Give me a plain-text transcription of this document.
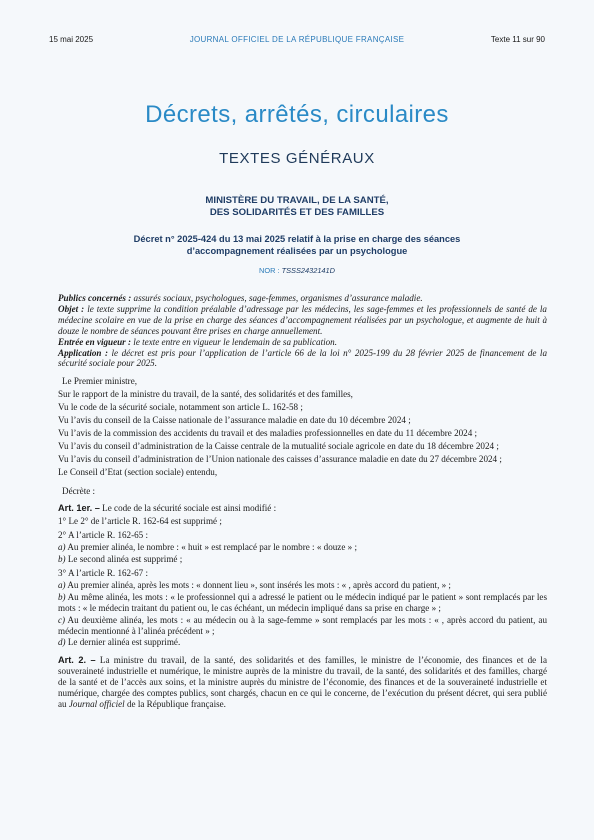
15 mai 2025	JOURNAL OFFICIEL DE LA RÉPUBLIQUE FRANÇAISE	Texte 11 sur 90
Décrets, arrêtés, circulaires
TEXTES GÉNÉRAUX
MINISTÈRE DU TRAVAIL, DE LA SANTÉ,
DES SOLIDARITÉS ET DES FAMILLES
Décret n° 2025-424 du 13 mai 2025 relatif à la prise en charge des séances
d’accompagnement réalisées par un psychologue
NOR : TSSS2432141D

Publics concernés : assurés sociaux, psychologues, sage-femmes, organismes d’assurance maladie.

Objet : le texte supprime la condition préalable d’adressage par les médecins, les sage-femmes et les professionnels de santé de la médecine scolaire en vue de la prise en charge des séances d’accompagnement réalisées par un psychologue, et augmente de huit à douze le nombre de séances pouvant être prises en charge annuellement.

Entrée en vigueur : le texte entre en vigueur le lendemain de sa publication.

Application : le décret est pris pour l’application de l’article 66 de la loi n° 2025-199 du 28 février 2025 de financement de la sécurité sociale pour 2025.

Le Premier ministre,

Sur le rapport de la ministre du travail, de la santé, des solidarités et des familles,

Vu le code de la sécurité sociale, notamment son article L. 162-58 ;

Vu l’avis du conseil de la Caisse nationale de l’assurance maladie en date du 10 décembre 2024 ;

Vu l’avis de la commission des accidents du travail et des maladies professionnelles en date du 11 décembre 2024 ;

Vu l’avis du conseil d’administration de la Caisse centrale de la mutualité sociale agricole en date du 18 décembre 2024 ;

Vu l’avis du conseil d’administration de l’Union nationale des caisses d’assurance maladie en date du 27 décembre 2024 ;

Le Conseil d’Etat (section sociale) entendu,

Décrète :

Art. 1er. – Le code de la sécurité sociale est ainsi modifié :

1° Le 2° de l’article R. 162-64 est supprimé ;

2° A l’article R. 162-65 :

a) Au premier alinéa, le nombre : « huit » est remplacé par le nombre : « douze » ;

b) Le second alinéa est supprimé ;

3° A l’article R. 162-67 :

a) Au premier alinéa, après les mots : « donnent lieu », sont insérés les mots : « , après accord du patient, » ;

b) Au même alinéa, les mots : « le professionnel qui a adressé le patient ou le médecin indiqué par le patient » sont remplacés par les mots : « le médecin traitant du patient ou, le cas échéant, un médecin impliqué dans sa prise en charge » ;

c) Au deuxième alinéa, les mots : « au médecin ou à la sage-femme » sont remplacés par les mots : « , après accord du patient, au médecin mentionné à l’alinéa précédent » ;

d) Le dernier alinéa est supprimé.

Art. 2. – La ministre du travail, de la santé, des solidarités et des familles, le ministre de l’économie, des finances et de la souveraineté industrielle et numérique, le ministre auprès de la ministre du travail, de la santé, des solidarités et des familles, chargé de la santé et de l’accès aux soins, et la ministre auprès du ministre de l’économie, des finances et de la souveraineté industrielle et numérique, chargée des comptes publics, sont chargés, chacun en ce qui le concerne, de l’exécution du présent décret, qui sera publié au Journal officiel de la République française.
